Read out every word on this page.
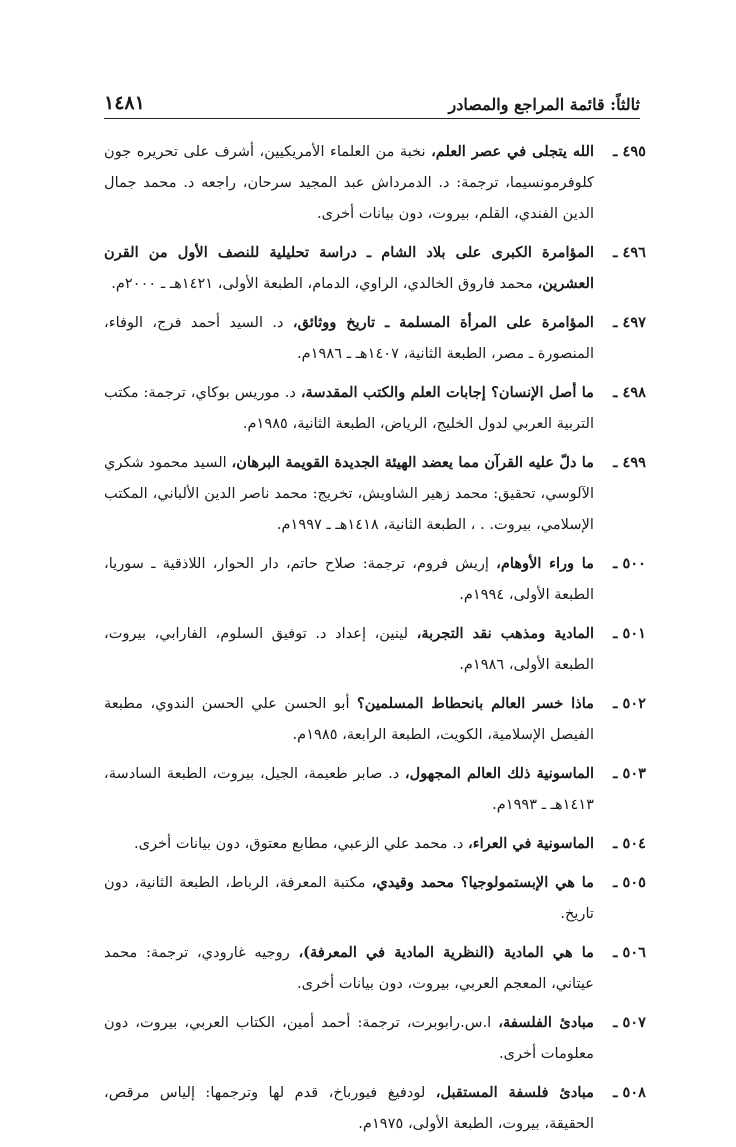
ثالثاً: قائمة المراجع والمصادر
١٤٨١
٤٩٥ ـ
الله يتجلى في عصر العلم، نخبة من العلماء الأمريكيين، أشرف على تحريره جون كلوفرمونسيما، ترجمة: د. الدمرداش عبد المجيد سرحان، راجعه د. محمد جمال الدين الفندي، القلم، بيروت، دون بيانات أخرى.
٤٩٦ ـ
المؤامرة الكبرى على بلاد الشام ـ دراسة تحليلية للنصف الأول من القرن العشرين، محمد فاروق الخالدي، الراوي، الدمام، الطبعة الأولى، ١٤٢١هـ ـ ٢٠٠٠م.
٤٩٧ ـ
المؤامرة على المرأة المسلمة ـ تاريخ ووثائق، د. السيد أحمد فرج، الوفاء، المنصورة ـ مصر، الطبعة الثانية، ١٤٠٧هـ ـ ١٩٨٦م.
٤٩٨ ـ
ما أصل الإنسان؟ إجابات العلم والكتب المقدسة، د. موريس بوكاي، ترجمة: مكتب التربية العربي لدول الخليج، الرياض، الطبعة الثانية، ١٩٨٥م.
٤٩٩ ـ
ما دلّ عليه القرآن مما يعضد الهيئة الجديدة القويمة البرهان، السيد محمود شكري الآلوسي، تحقيق: محمد زهير الشاويش، تخريج: محمد ناصر الدين الألباني، المكتب الإسلامي، بيروت. . ، الطبعة الثانية، ١٤١٨هـ ـ ١٩٩٧م.
٥٠٠ ـ
ما وراء الأوهام، إريش فروم، ترجمة: صلاح حاتم، دار الحوار، اللاذقية ـ سوريا، الطبعة الأولى، ١٩٩٤م.
٥٠١ ـ
المادية ومذهب نقد التجربة، لينين، إعداد د. توفيق السلوم، الفارابي، بيروت، الطبعة الأولى، ١٩٨٦م.
٥٠٢ ـ
ماذا خسر العالم بانحطاط المسلمين؟ أبو الحسن علي الحسن الندوي، مطبعة الفيصل الإسلامية، الكويت، الطبعة الرابعة، ١٩٨٥م.
٥٠٣ ـ
الماسونية ذلك العالم المجهول، د. صابر طعيمة، الجيل، بيروت، الطبعة السادسة، ١٤١٣هـ ـ ١٩٩٣م.
٥٠٤ ـ
الماسونية في العراء، د. محمد علي الزعبي، مطابع معتوق، دون بيانات أخرى.
٥٠٥ ـ
ما هي الإبستمولوجيا؟ محمد وقيدي، مكتبة المعرفة، الرباط، الطبعة الثانية، دون تاريخ.
٥٠٦ ـ
ما هي المادية (النظرية المادية في المعرفة)، روجيه غارودي، ترجمة: محمد عيتاني، المعجم العربي، بيروت، دون بيانات أخرى.
٥٠٧ ـ
مبادئ الفلسفة، ا.س.رابوبرت، ترجمة: أحمد أمين، الكتاب العربي، بيروت، دون معلومات أخرى.
٥٠٨ ـ
مبادئ فلسفة المستقبل، لودفيغ فيورباخ، قدم لها وترجمها: إلياس مرقص، الحقيقة، بيروت، الطبعة الأولى، ١٩٧٥م.
